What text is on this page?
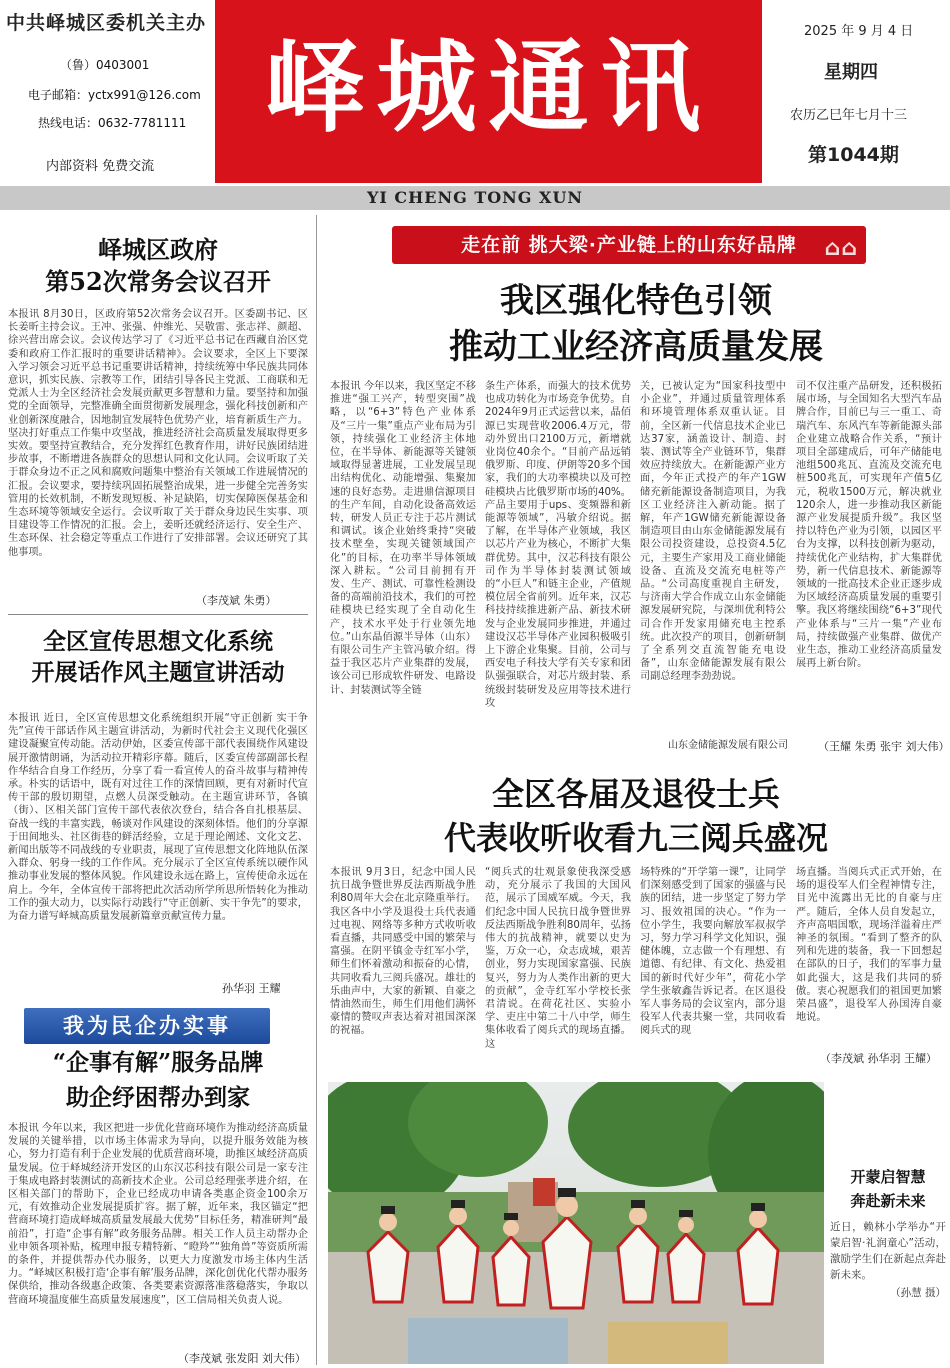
中共峄城区委机关主办
（鲁）0403001
电子邮箱：yctx991@126.com
热线电话：0632-7781111
内部资料 免费交流
峄城通讯	2025 年 9 月 4 日
星期四
农历乙巳年七月十三
第1044期
YI CHENG TONG XUN
峄城区政府
第52次常务会议召开
本报讯 8月30日，区政府第52次常务会议召开。区委副书记、区长姜昕主持会议。王冲、张强、仲维光、吴敬雷、张志祥、颜超、徐兴营出席会议。会议传达学习了《习近平总书记在西藏自治区党委和政府工作汇报时的重要讲话精神》。会议要求，全区上下要深入学习领会习近平总书记重要讲话精神，持续统筹中华民族共同体意识，抓实民族、宗教等工作，团结引导各民主党派、工商联和无党派人士为全区经济社会发展贡献更多智慧和力量。要坚持和加强党的全面领导，完整准确全面贯彻新发展理念，强化科技创新和产业创新深度融合，因地制宜发展特色优势产业，培育新质生产力。坚决打好重点工作集中攻坚战，推进经济社会高质量发展取得更多实效。要坚持宣教结合，充分发挥红色教育作用，讲好民族团结进步故事，不断增进各族群众的思想认同和文化认同。会议听取了关于群众身边不正之风和腐败问题集中整治有关领域工作进展情况的汇报。会议要求，要持续巩固拓展整治成果，进一步健全完善务实管用的长效机制，不断发现短板、补足缺陷，切实保障医保基金和生态环境等领域安全运行。会议听取了关于群众身边民生实事、项目建设等工作情况的汇报。会上，姜昕还就经济运行、安全生产、生态环保、社会稳定等重点工作进行了安排部署。会议还研究了其他事项。
（李茂斌 朱勇）
全区宣传思想文化系统
开展话作风主题宣讲活动
本报讯 近日，全区宣传思想文化系统组织开展“守正创新 实干争先”宣传干部话作风主题宣讲活动，为新时代社会主义现代化强区建设凝聚宣传动能。活动伊始，区委宣传部干部代表围绕作风建设展开激情朗诵，为活动拉开精彩序幕。随后，区委宣传部副部长程作华结合自身工作经历，分享了看一看宣传人的奋斗故事与精神传承。朴实的话语中，既有对过往工作的深情回顾，更有对新时代宣传干部的殷切期望，点燃人员深受触动。在主题宣讲环节，各镇（街）、区相关部门宣传干部代表依次登台，结合各自扎根基层、奋战一线的丰富实践，畅谈对作风建设的深刻体悟。他们的分享源于田间地头、社区街巷的鲜活经验，立足于理论阐述、文化文艺、新闻出版等不同战线的专业职责，展现了宣传思想文化阵地队伍深入群众、躬身一线的工作作风。充分展示了全区宣传系统以硬作风推动事业发展的整体风貌。作风建设永远在路上，宣传使命永远在肩上。今年，全体宣传干部将把此次活动所学所思所悟转化为推动工作的强大动力，以实际行动践行“守正创新、实干争先”的要求，为奋力谱写峄城高质量发展新篇章贡献宣传力量。
孙华羽 王耀
我为民企办实事
“企事有解”服务品牌
助企纾困帮办到家
本报讯 今年以来，我区把进一步优化营商环境作为推动经济高质量发展的关键举措，以市场主体需求为导向，以提升服务效能为核心，努力打造有利于企业发展的优质营商环境，助推区域经济高质量发展。位于峄城经济开发区的山东汉芯科技有限公司是一家专注于集成电路封装测试的高新技术企业。公司总经理张孝进介绍，在区相关部门的帮助下，企业已经成功申请各类惠企资金100余万元，有效推动企业发展提质扩容。据了解，近年来，我区锚定“把营商环境打造成峄城高质量发展最大优势”目标任务，精准研判“最前沿”，打造“企事有解”政务服务品牌。相关工作人员主动帮办企业申领各项补贴，梳理申报专精特新、“瞪羚”“独角兽”等资质所需的条件，并提供帮办代办服务，以更大力度激发市场主体内生活力。“峄城区积极打造‘企事有解’服务品牌，深化创优化代帮办服务保供给，推动各级惠企政策、各类要素资源落准落稳落实，争取以营商环境温度催生高质量发展速度”，区工信局相关负责人说。
（李茂斌 张发阳 刘大伟）
走在前 挑大梁·产业链上的山东好品牌 ⌂⌂
我区强化特色引领
推动工业经济高质量发展
本报讯 今年以来，我区坚定不移推进“强工兴产，转型突围”战略，以“6+3”特色产业体系及“三片一集”重点产业布局为引领，持续强化工业经济主体地位，在半导体、新能源等关键领域取得显著进展，工业发展呈现出结构优化、动能增强、集聚加速的良好态势。走进鼎信源项目的生产车间，自动化设备高效运转，研发人员正专注于芯片测试和调试。该企业始终秉持“突破技术壁垒，实现关键领域国产化”的目标，在功率半导体领域深入耕耘。“公司目前拥有开发、生产、测试、可靠性检测设备的高端前沿技术，我们的可控硅模块已经实现了全自动化生产，技术水平处于行业领先地位。”山东晶佰源半导体（山东）有限公司生产主管冯敏介绍。得益于我区芯片产业集群的发展，该公司已形成软件研发、电路设计、封装测试等全链
条生产体系，而强大的技术优势也成功转化为市场竞争优势。自2024年9月正式运营以来，晶佰源已实现营收2006.4万元，带动外贸出口2100万元，新增就业岗位40余个。“目前产品远销俄罗斯、印度、伊朗等20多个国家，我们的大功率模块以及可控硅模块占比俄罗斯市场的40%。产品主要用于ups、变频器和新能源等领域”，冯敏介绍说。据了解，在半导体产业领域，我区以芯片产业为核心，不断扩大集群优势。其中，汉芯科技有限公司作为半导体封装测试领域的“小巨人”和链主企业，产值规模位居全省前列。近年来，汉芯科技持续推进新产品、新技术研发与企业发展同步推进，并通过建设汉芯半导体产业园积极吸引上下游企业集聚。目前，公司与西安电子科技大学有关专家和团队强强联合，对芯片级封装、系统级封装研发及应用等技术进行攻
关，已被认定为“国家科技型中小企业”，并通过质量管理体系和环境管理体系双重认证。目前，全区新一代信息技术企业已达37家，涵盖设计、制造、封装、测试等全产业链环节，集群效应持续放大。在新能源产业方面，今年正式投产的年产1GW储充新能源设备制造项目，为我区工业经济注入新动能。据了解，年产1GW储充新能源设备制造项目由山东金储能源发展有限公司投资建设，总投资4.5亿元，主要生产家用及工商业储能设备、直流及交流充电桩等产品。“公司高度重视自主研发，与济南大学合作成立山东金储能源发展研究院，与深圳优利特公司合作开发家用储充电主控系统。此次投产的项目，创新研制了全系列交直流智能充电设备”，山东金储能源发展有限公司副总经理李劲劲说。
山东金储能源发展有限公司
司不仅注重产品研发，还积极拓展市场，与全国知名大型汽车品牌合作，目前已与三一重工、奇瑞汽车、东风汽车等新能源头部企业建立战略合作关系，“预计项目全部建成后，可年产储能电池组500兆瓦、直流及交流充电桩500兆瓦，可实现年产值5亿元，税收1500万元，解决就业120余人，进一步推动我区新能源产业发展提质升级”。我区坚持以特色产业为引领，以园区平台为支撑，以科技创新为驱动，持续优化产业结构，扩大集群优势，新一代信息技术、新能源等领域的一批高技术企业正逐步成为区域经济高质量发展的重要引擎。我区将继续围绕“6+3”现代产业体系与“三片一集”产业布局，持续做强产业集群、做优产业生态，推动工业经济高质量发展再上新台阶。
（王耀 朱勇 张宇 刘大伟）
全区各届及退役士兵
代表收听收看九三阅兵盛况
本报讯 9月3日，纪念中国人民抗日战争暨世界反法西斯战争胜利80周年大会在北京隆重举行。我区各中小学及退役士兵代表通过电视、网络等多种方式收听收看直播，共同感受中国的繁荣与富强。在阴平镇金寺红军小学，师生们怀着激动和振奋的心情，共同收看九三阅兵盛况。雄壮的乐曲声中，大家的新颖、自豪之情油然而生，师生们用他们满怀豪情的赞叹声表达着对祖国深深的祝福。
“阅兵式的壮观景象使我深受感动，充分展示了我国的大国风范，展示了国威军威。今天，我们纪念中国人民抗日战争暨世界反法西斯战争胜利80周年，弘扬伟大的抗战精神，就要以史为鉴，万众一心，众志成城，艰苦创业，努力实现国家富强、民族复兴，努力为人类作出新的更大的贡献”，金寺红军小学校长张君清说。在荷花社区、实验小学、吏庄中第二十八中学，师生集体收看了阅兵式的现场直播。这
场特殊的“开学第一课”，让同学们深刻感受到了国家的强盛与民族的团结，进一步坚定了努力学习、报效祖国的决心。“作为一位小学生，我要向解放军叔叔学习，努力学习科学文化知识，强健体魄，立志做一个有理想、有道德、有纪律、有文化、热爱祖国的新时代好少年”，荷花小学学生张敏鑫告诉记者。在区退役军人事务局的会议室内，部分退役军人代表共聚一堂，共同收看阅兵式的现
场直播。当阅兵式正式开始，在场的退役军人们全程神情专注，目光中流露出无比的自豪与庄严。随后，全体人员自发起立，齐声高唱国歌，现场洋溢着庄严神圣的氛围。“看到了整齐的队列和先进的装备，我一下回想起在部队的日子，我们的军事力量如此强大，这是我们共同的骄傲。衷心祝愿我们的祖国更加繁荣昌盛”，退役军人孙国涛自豪地说。
（李茂斌 孙华羽 王耀）
开蒙启智慧
奔赴新未来
近日，赖林小学举办“开蒙启智·礼润童心”活动，激励学生们在新起点奔赴新未来。
（孙慧 摄）
